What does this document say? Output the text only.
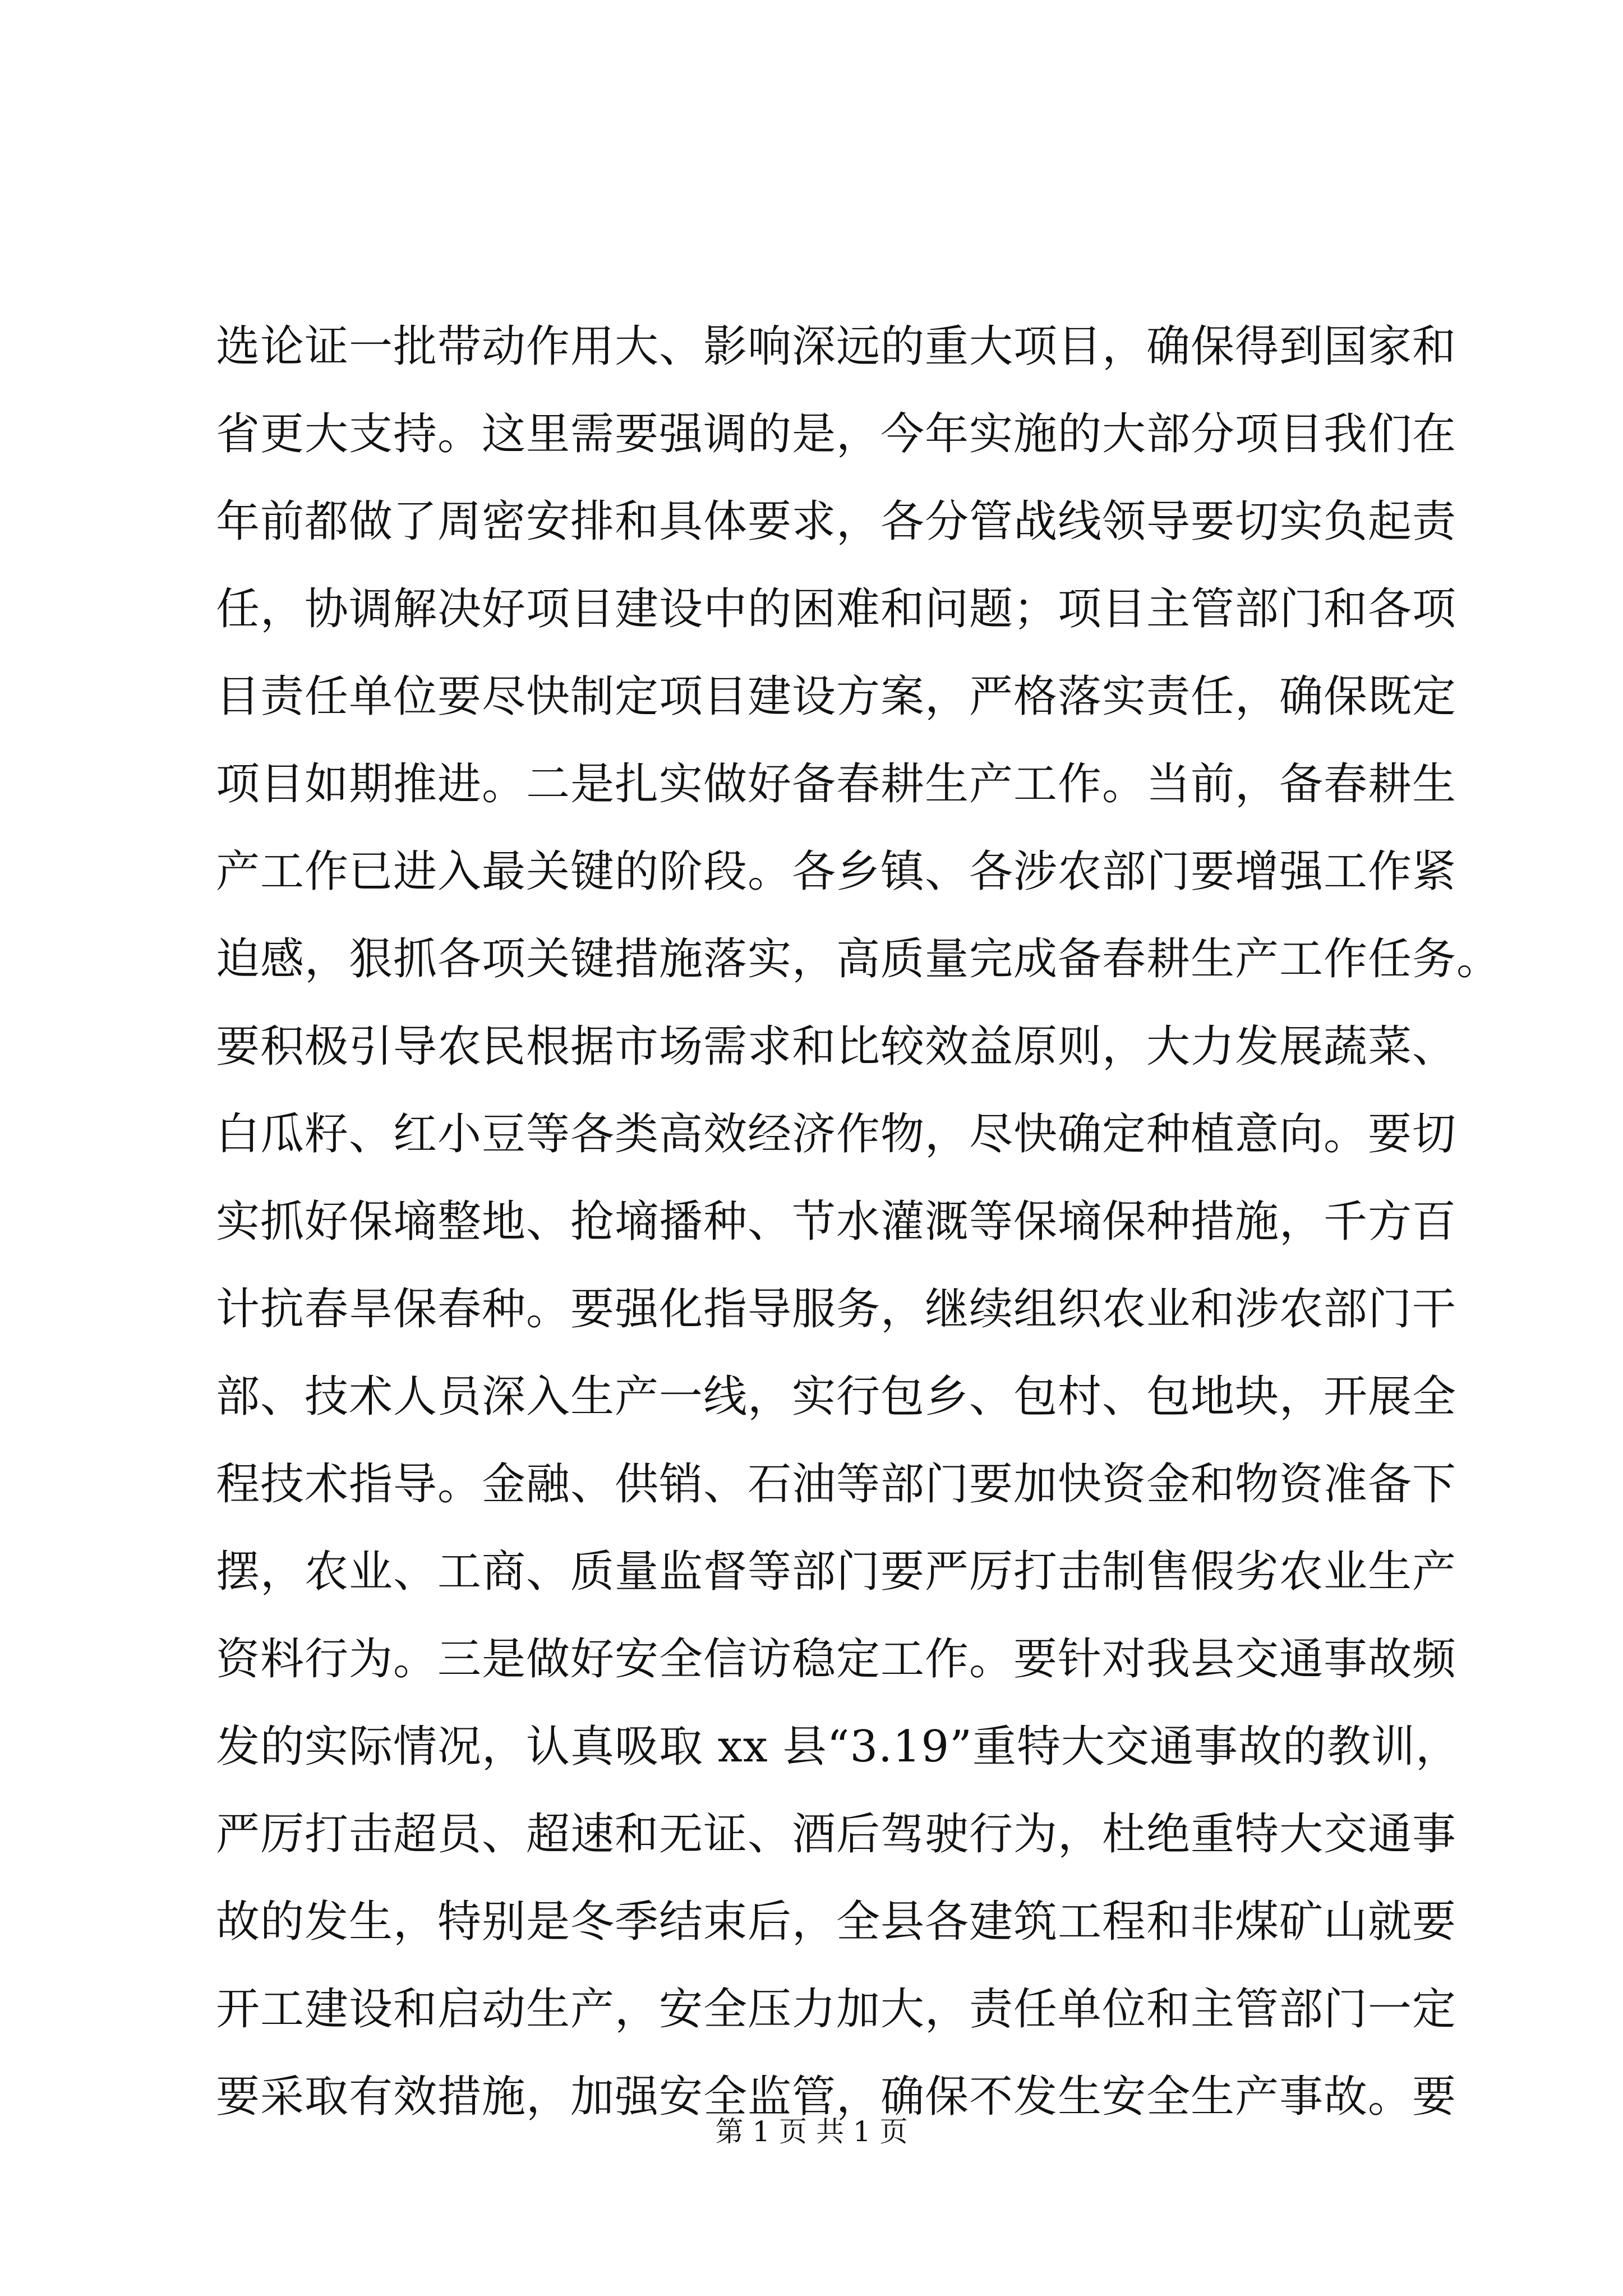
选论证一批带动作用大、影响深远的重大项目，确保得到国家和
省更大支持。这里需要强调的是，今年实施的大部分项目我们在
年前都做了周密安排和具体要求，各分管战线领导要切实负起责
任，协调解决好项目建设中的困难和问题；项目主管部门和各项
目责任单位要尽快制定项目建设方案，严格落实责任，确保既定
项目如期推进。二是扎实做好备春耕生产工作。当前，备春耕生
产工作已进入最关键的阶段。各乡镇、各涉农部门要增强工作紧
迫感，狠抓各项关键措施落实，高质量完成备春耕生产工作任务。
要积极引导农民根据市场需求和比较效益原则，大力发展蔬菜、
白瓜籽、红小豆等各类高效经济作物，尽快确定种植意向。要切
实抓好保墒整地、抢墒播种、节水灌溉等保墒保种措施，千方百
计抗春旱保春种。要强化指导服务，继续组织农业和涉农部门干
部、技术人员深入生产一线，实行包乡、包村、包地块，开展全
程技术指导。金融、供销、石油等部门要加快资金和物资准备下
摆，农业、工商、质量监督等部门要严厉打击制售假劣农业生产
资料行为。三是做好安全信访稳定工作。要针对我县交通事故频
发的实际情况，认真吸取 xx 县“3.19”重特大交通事故的教训，
严厉打击超员、超速和无证、酒后驾驶行为，杜绝重特大交通事
故的发生，特别是冬季结束后，全县各建筑工程和非煤矿山就要
开工建设和启动生产，安全压力加大，责任单位和主管部门一定
要采取有效措施，加强安全监管，确保不发生安全生产事故。要
第 1 页 共 1 页
